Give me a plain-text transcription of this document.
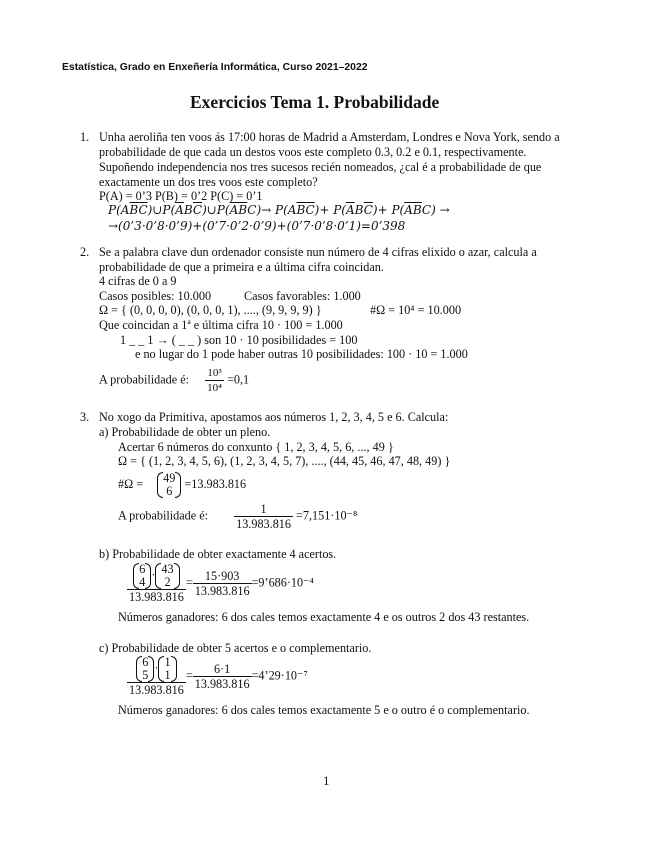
Estatística, Grado en Enxeñería Informática, Curso 2021–2022
Exercicios Tema 1. Probabilidade
1. Unha aeroliña ten voos ás 17:00 horas de Madrid a Amsterdam, Londres e Nova York, sendo a
probabilidade de que cada un destos voos este completo 0.3, 0.2 e 0.1, respectivamente.
Supoñendo independencia nos tres sucesos recién nomeados, ¿cal é a probabilidade de que
exactamente un dos tres voos este completo?
P(A) = 0’3 P(B) = 0’2 P(C) = 0’1
$P(A\overline{BC})\cup P(\overline{A}B\overline{C})\cup P(\overline{AB}C)\to P(A\overline{BC})+ P(\overline{A}B\overline{C})+ P(\overline{AB}C)$ →
→(0’3·0’8·0’9)+(0’7·0’2·0’9)+(0’7·0’8·0’1)=0’398
2. Se a palabra clave dun ordenador consiste nun número de 4 cifras elixido o azar, calcula a
probabilidade de que a primeira e a última cifra coincidan.
4 cifras de 0 a 9
Casos posibles: 10.000	Casos favorables: 1.000
Ω = { (0, 0, 0, 0), (0, 0, 0, 1), ...., (9, 9, 9, 9) }	#Ω = 10⁴ = 10.000
Que coincidan a 1ª e última cifra 10 · 100 = 1.000
1 _ _ 1 → ( _ _ ) son 10 · 10 posibilidades = 100
e no lugar do 1 pode haber outras 10 posibilidades: 100 · 10 = 1.000
A probabilidade é: $\frac{\text{10³}}{\text{10⁴}} =0,1$
3. No xogo da Primitiva, apostamos aos números 1, 2, 3, 4, 5 e 6. Calcula:
a) Probabilidade de obter un pleno.
Acertar 6 números do conxunto { 1, 2, 3, 4, 5, 6, ..., 49 }
Ω = { (1, 2, 3, 4, 5, 6), (1, 2, 3, 4, 5, 7), ...., (44, 45, 46, 47, 48, 49) }
#Ω = 49
6
=13.983.816
A probabilidade é: $\frac{1}{13.983.816} =7,151\cdot 10^{-8}$
b) Probabilidade de obter exactamente 4 acertos.
6
4
· 43
2
$13.983.816 = \frac{15\cdot 903}{13.983.816}$ =9’686·10⁻⁴
Números ganadores: 6 dos cales temos exactamente 4 e os outros 2 dos 43 restantes.
c) Probabilidade de obter 5 acertos e o complementario.
6
5
· 1
1
$13.983.816 = \frac{6\cdot 1}{13.983.816}$ =4’29·10⁻⁷
Números ganadores: 6 dos cales temos exactamente 5 e o outro é o complementario.
1
